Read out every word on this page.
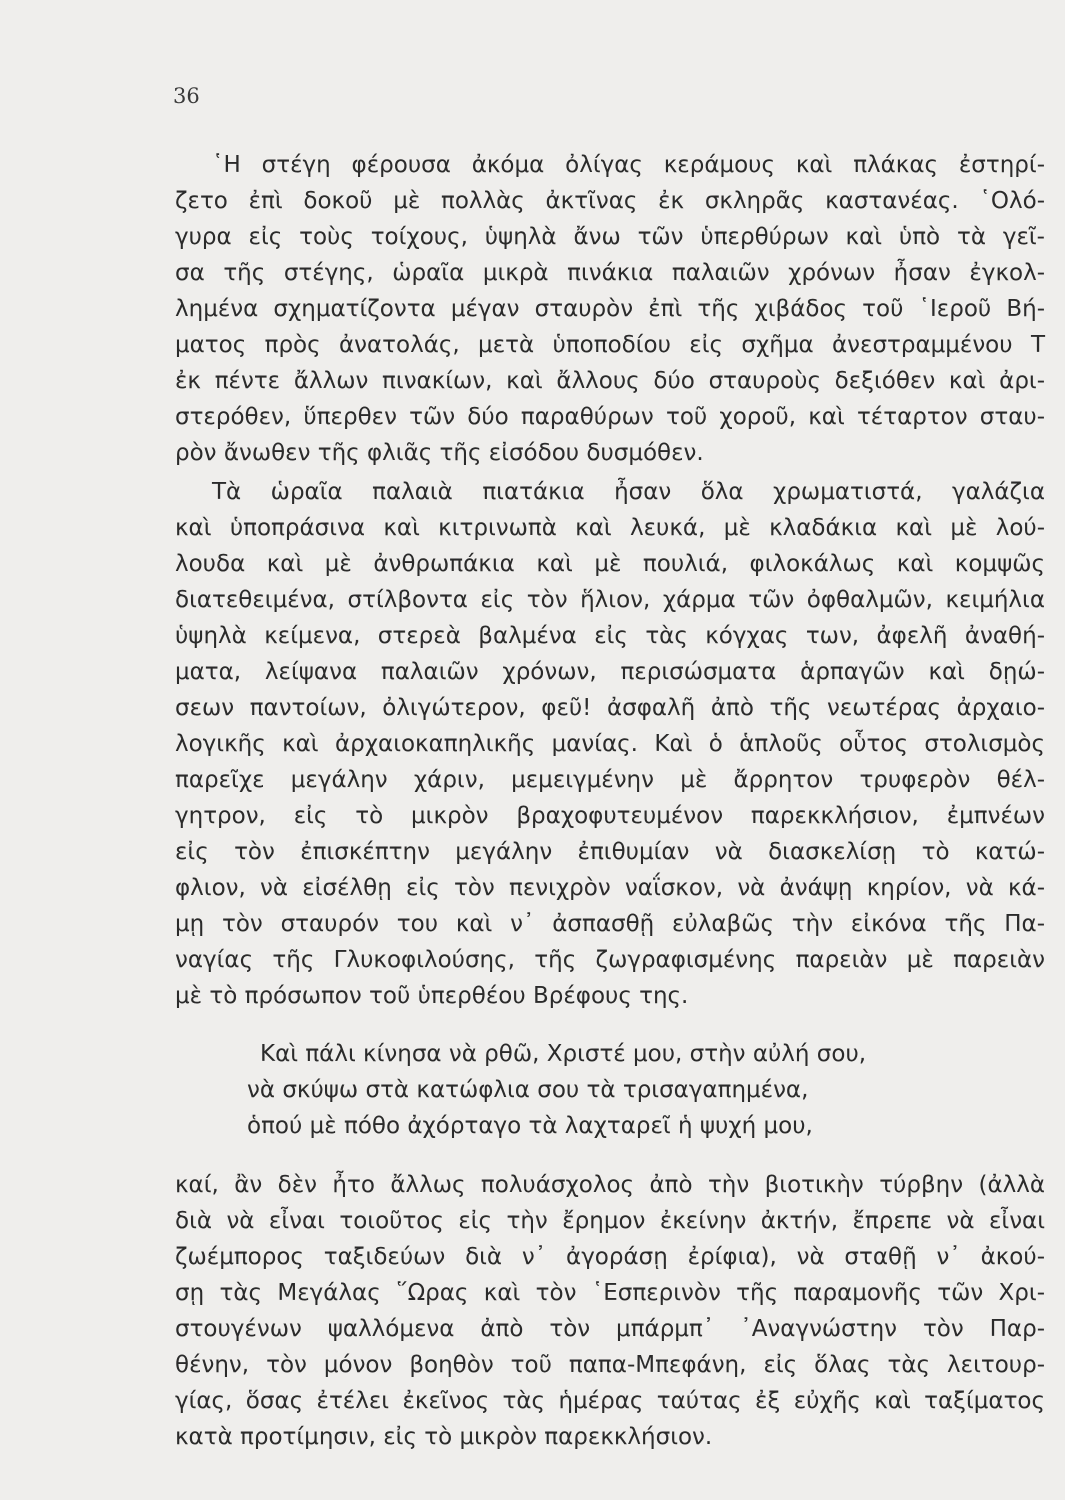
36
῾Η στέγη φέρουσα ἀκόμα ὀλίγας κεράμους καὶ πλάκας ἐστηρί-
ζετο ἐπὶ δοκοῦ μὲ πολλὰς ἀκτῖνας ἐκ σκληρᾶς καστανέας. ῾Ολό-
γυρα εἰς τοὺς τοίχους, ὑψηλὰ ἄνω τῶν ὑπερθύρων καὶ ὑπὸ τὰ γεῖ-
σα τῆς στέγης, ὡραῖα μικρὰ πινάκια παλαιῶν χρόνων ἦσαν ἐγκολ-
λημένα σχηματίζοντα μέγαν σταυρὸν ἐπὶ τῆς χιβάδος τοῦ ῾Ιεροῦ Βή-
ματος πρὸς ἀνατολάς, μετὰ ὑποποδίου εἰς σχῆμα ἀνεστραμμένου Τ
ἐκ πέντε ἄλλων πινακίων, καὶ ἄλλους δύο σταυροὺς δεξιόθεν καὶ ἀρι-
στερόθεν, ὕπερθεν τῶν δύο παραθύρων τοῦ χοροῦ, καὶ τέταρτον σταυ-
ρὸν ἄνωθεν τῆς φλιᾶς τῆς εἰσόδου δυσμόθεν.
Τὰ ὡραῖα παλαιὰ πιατάκια ἦσαν ὅλα χρωματιστά, γαλάζια
καὶ ὑποπράσινα καὶ κιτρινωπὰ καὶ λευκά, μὲ κλαδάκια καὶ μὲ λού-
λουδα καὶ μὲ ἀνθρωπάκια καὶ μὲ πουλιά, φιλοκάλως καὶ κομψῶς
διατεθειμένα, στίλβοντα εἰς τὸν ἥλιον, χάρμα τῶν ὀφθαλμῶν, κειμήλια
ὑψηλὰ κείμενα, στερεὰ βαλμένα εἰς τὰς κόγχας των, ἀφελῆ ἀναθή-
ματα, λείψανα παλαιῶν χρόνων, περισώσματα ἁρπαγῶν καὶ δῃώ-
σεων παντοίων, ὀλιγώτερον, φεῦ! ἀσφαλῆ ἀπὸ τῆς νεωτέρας ἀρχαιο-
λογικῆς καὶ ἀρχαιοκαπηλικῆς μανίας. Καὶ ὁ ἁπλοῦς οὗτος στολισμὸς
παρεῖχε μεγάλην χάριν, μεμειγμένην μὲ ἄρρητον τρυφερὸν θέλ-
γητρον, εἰς τὸ μικρὸν βραχοφυτευμένον παρεκκλήσιον, ἐμπνέων
εἰς τὸν ἐπισκέπτην μεγάλην ἐπιθυμίαν νὰ διασκελίσῃ τὸ κατώ-
φλιον, νὰ εἰσέλθῃ εἰς τὸν πενιχρὸν ναΐσκον, νὰ ἀνάψῃ κηρίον, νὰ κά-
μῃ τὸν σταυρόν του καὶ ν᾿ ἀσπασθῇ εὐλαβῶς τὴν εἰκόνα τῆς Πα-
ναγίας τῆς Γλυκοφιλούσης, τῆς ζωγραφισμένης παρειὰν μὲ παρειὰν
μὲ τὸ πρόσωπον τοῦ ὑπερθέου Βρέφους της.
Καὶ πάλι κίνησα νὰ ρθῶ, Χριστέ μου, στὴν αὐλή σου,
νὰ σκύψω στὰ κατώφλια σου τὰ τρισαγαπημένα,
ὁπού μὲ πόθο ἀχόρταγο τὰ λαχταρεῖ ἡ ψυχή μου,
καί, ἂν δὲν ἦτο ἄλλως πολυάσχολος ἀπὸ τὴν βιοτικὴν τύρβην (ἀλλὰ
διὰ νὰ εἶναι τοιοῦτος εἰς τὴν ἔρημον ἐκείνην ἀκτήν, ἔπρεπε νὰ εἶναι
ζωέμπορος ταξιδεύων διὰ ν᾿ ἀγοράσῃ ἐρίφια), νὰ σταθῇ ν᾿ ἀκού-
σῃ τὰς Μεγάλας ῞Ωρας καὶ τὸν ῾Εσπερινὸν τῆς παραμονῆς τῶν Χρι-
στουγένων ψαλλόμενα ἀπὸ τὸν μπάρμπ᾿ ᾿Αναγνώστην τὸν Παρ-
θένην, τὸν μόνον βοηθὸν τοῦ παπα-Μπεφάνη, εἰς ὅλας τὰς λειτουρ-
γίας, ὅσας ἐτέλει ἐκεῖνος τὰς ἡμέρας ταύτας ἐξ εὐχῆς καὶ ταξίματος
κατὰ προτίμησιν, εἰς τὸ μικρὸν παρεκκλήσιον.
